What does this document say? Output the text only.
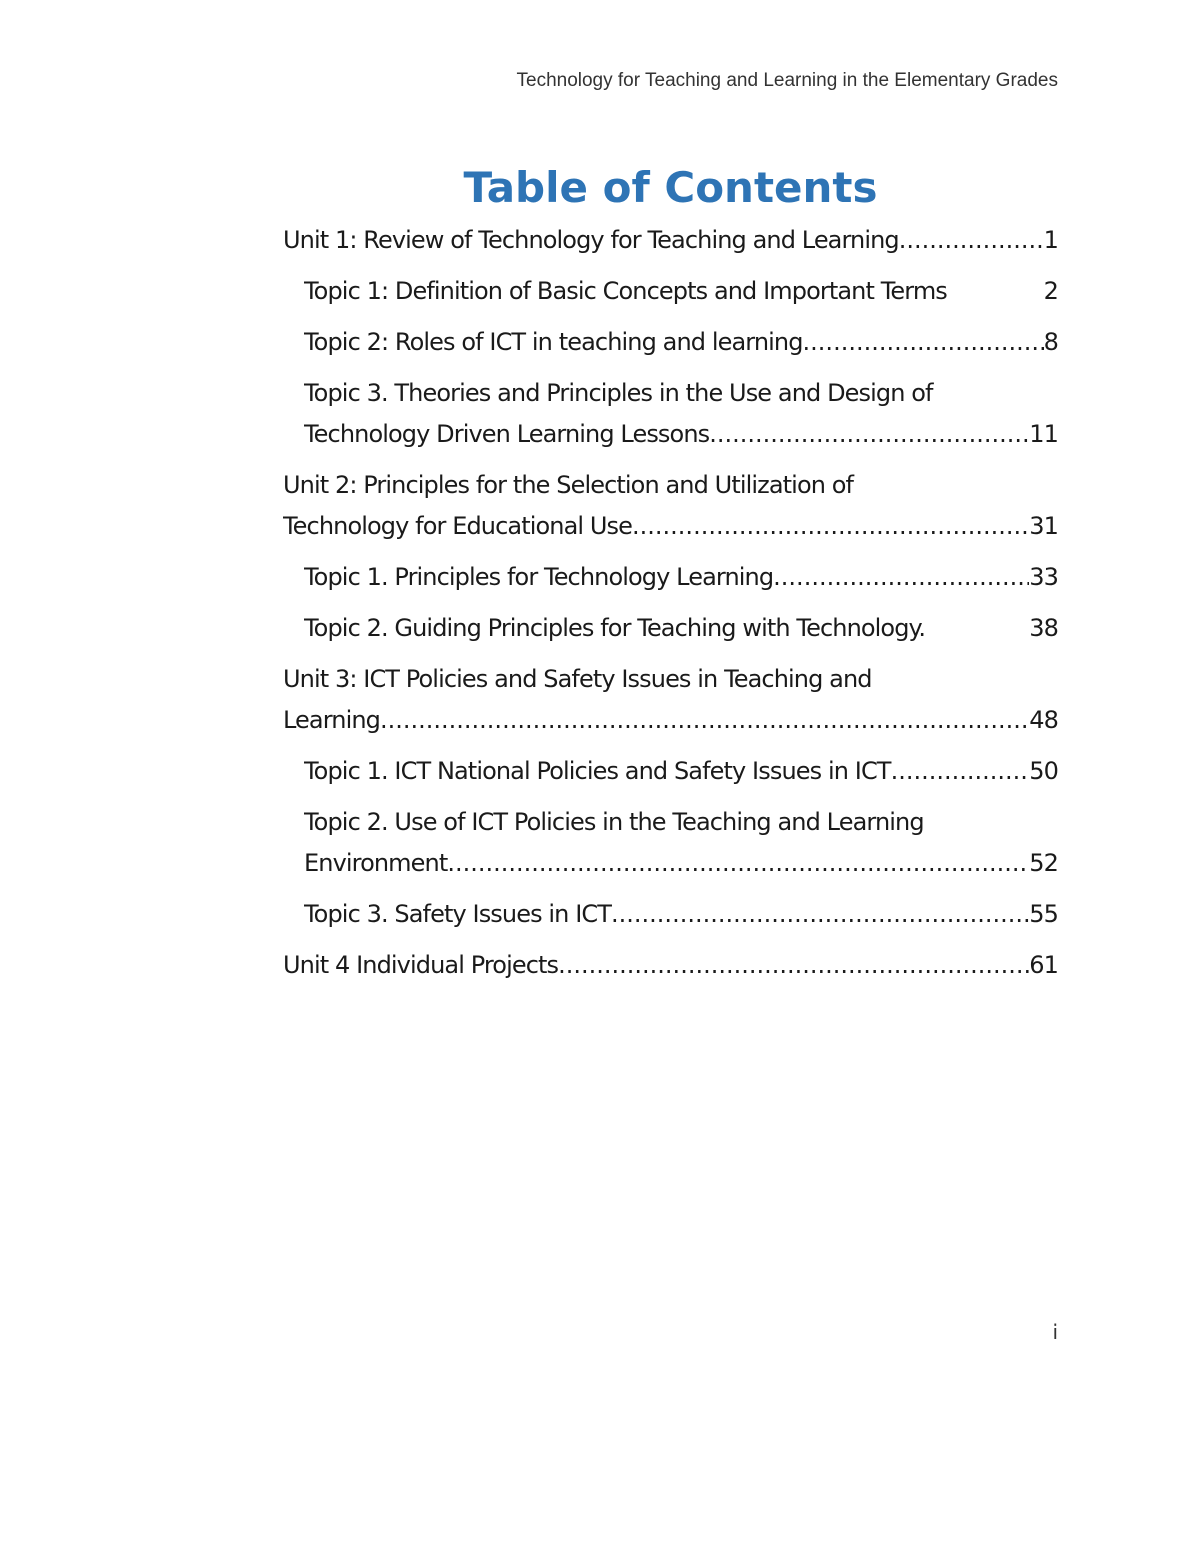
Technology for Teaching and Learning in the Elementary Grades
Table of Contents
Unit 1: Review of Technology for Teaching and Learning .....	1
Topic 1: Definition of Basic Concepts and Important Terms	2
Topic 2: Roles of ICT in teaching and learning .....	8
Topic 3. Theories and Principles in the Use and Design of
Technology Driven Learning Lessons .....	11
Unit 2: Principles for the Selection and Utilization of
Technology for Educational Use .....	31
Topic 1. Principles for Technology Learning .....	33
Topic 2. Guiding Principles for Teaching with Technology.	38
Unit 3: ICT Policies and Safety Issues in Teaching and
Learning .....	48
Topic 1. ICT National Policies and Safety Issues in ICT .....	50
Topic 2. Use of ICT Policies in the Teaching and Learning
Environment .....	52
Topic 3. Safety Issues in ICT .....	55
Unit 4 Individual Projects .....	61
i
